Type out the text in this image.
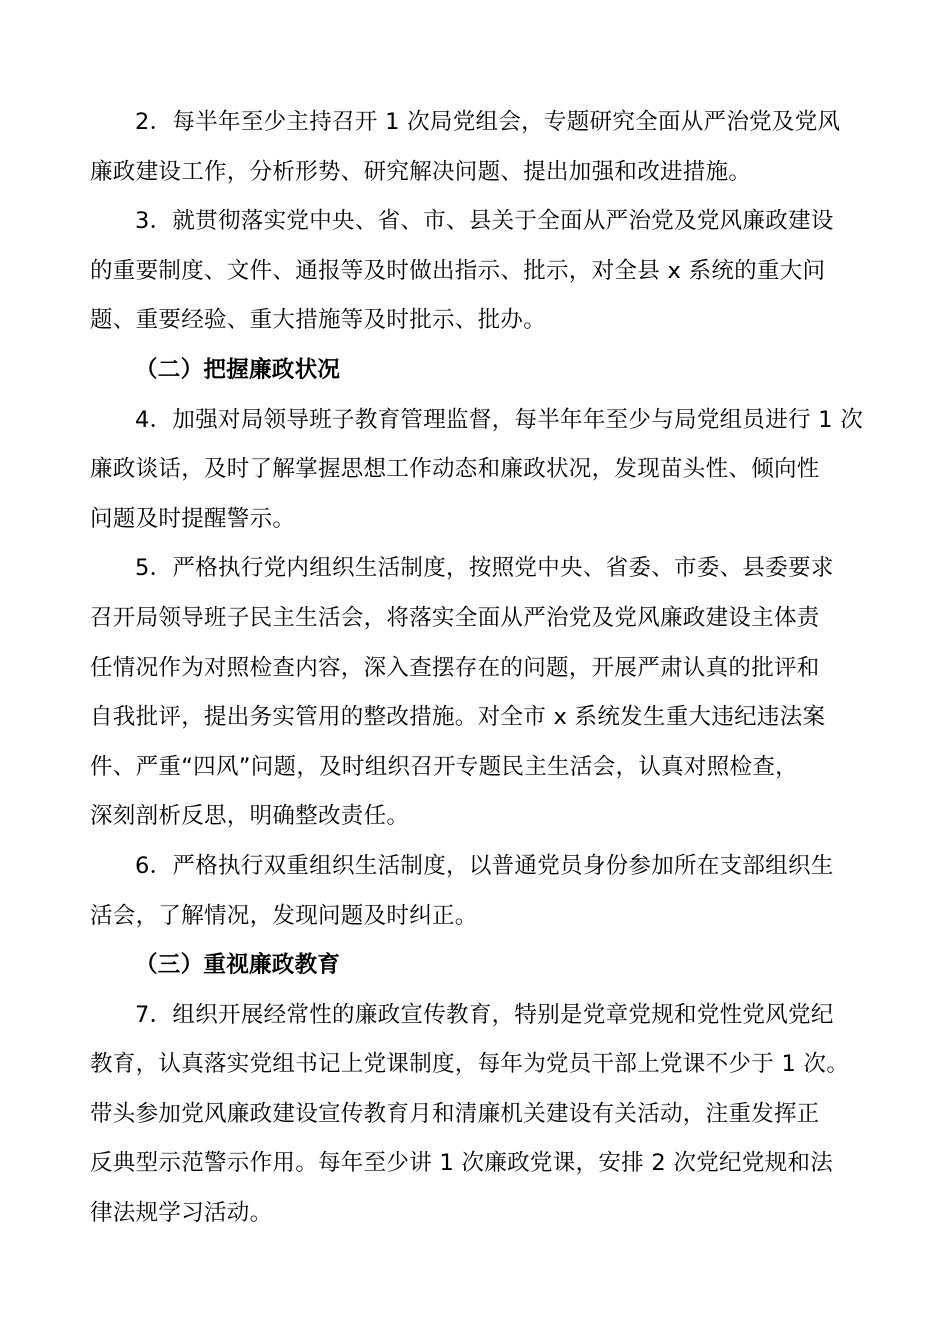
2．每半年至少主持召开 1 次局党组会，专题研究全面从严治党及党风
廉政建设工作，分析形势、研究解决问题、提出加强和改进措施。
3．就贯彻落实党中央、省、市、县关于全面从严治党及党风廉政建设
的重要制度、文件、通报等及时做出指示、批示，对全县 x 系统的重大问
题、重要经验、重大措施等及时批示、批办。
（二）把握廉政状况
4．加强对局领导班子教育管理监督，每半年年至少与局党组员进行 1 次
廉政谈话，及时了解掌握思想工作动态和廉政状况，发现苗头性、倾向性
问题及时提醒警示。
5．严格执行党内组织生活制度，按照党中央、省委、市委、县委要求
召开局领导班子民主生活会，将落实全面从严治党及党风廉政建设主体责
任情况作为对照检查内容，深入查摆存在的问题，开展严肃认真的批评和
自我批评，提出务实管用的整改措施。对全市 x 系统发生重大违纪违法案
件、严重“四风”问题，及时组织召开专题民主生活会，认真对照检查，
深刻剖析反思，明确整改责任。
6．严格执行双重组织生活制度，以普通党员身份参加所在支部组织生
活会，了解情况，发现问题及时纠正。
（三）重视廉政教育
7．组织开展经常性的廉政宣传教育，特别是党章党规和党性党风党纪
教育，认真落实党组书记上党课制度，每年为党员干部上党课不少于 1 次。
带头参加党风廉政建设宣传教育月和清廉机关建设有关活动，注重发挥正
反典型示范警示作用。每年至少讲 1 次廉政党课，安排 2 次党纪党规和法
律法规学习活动。
